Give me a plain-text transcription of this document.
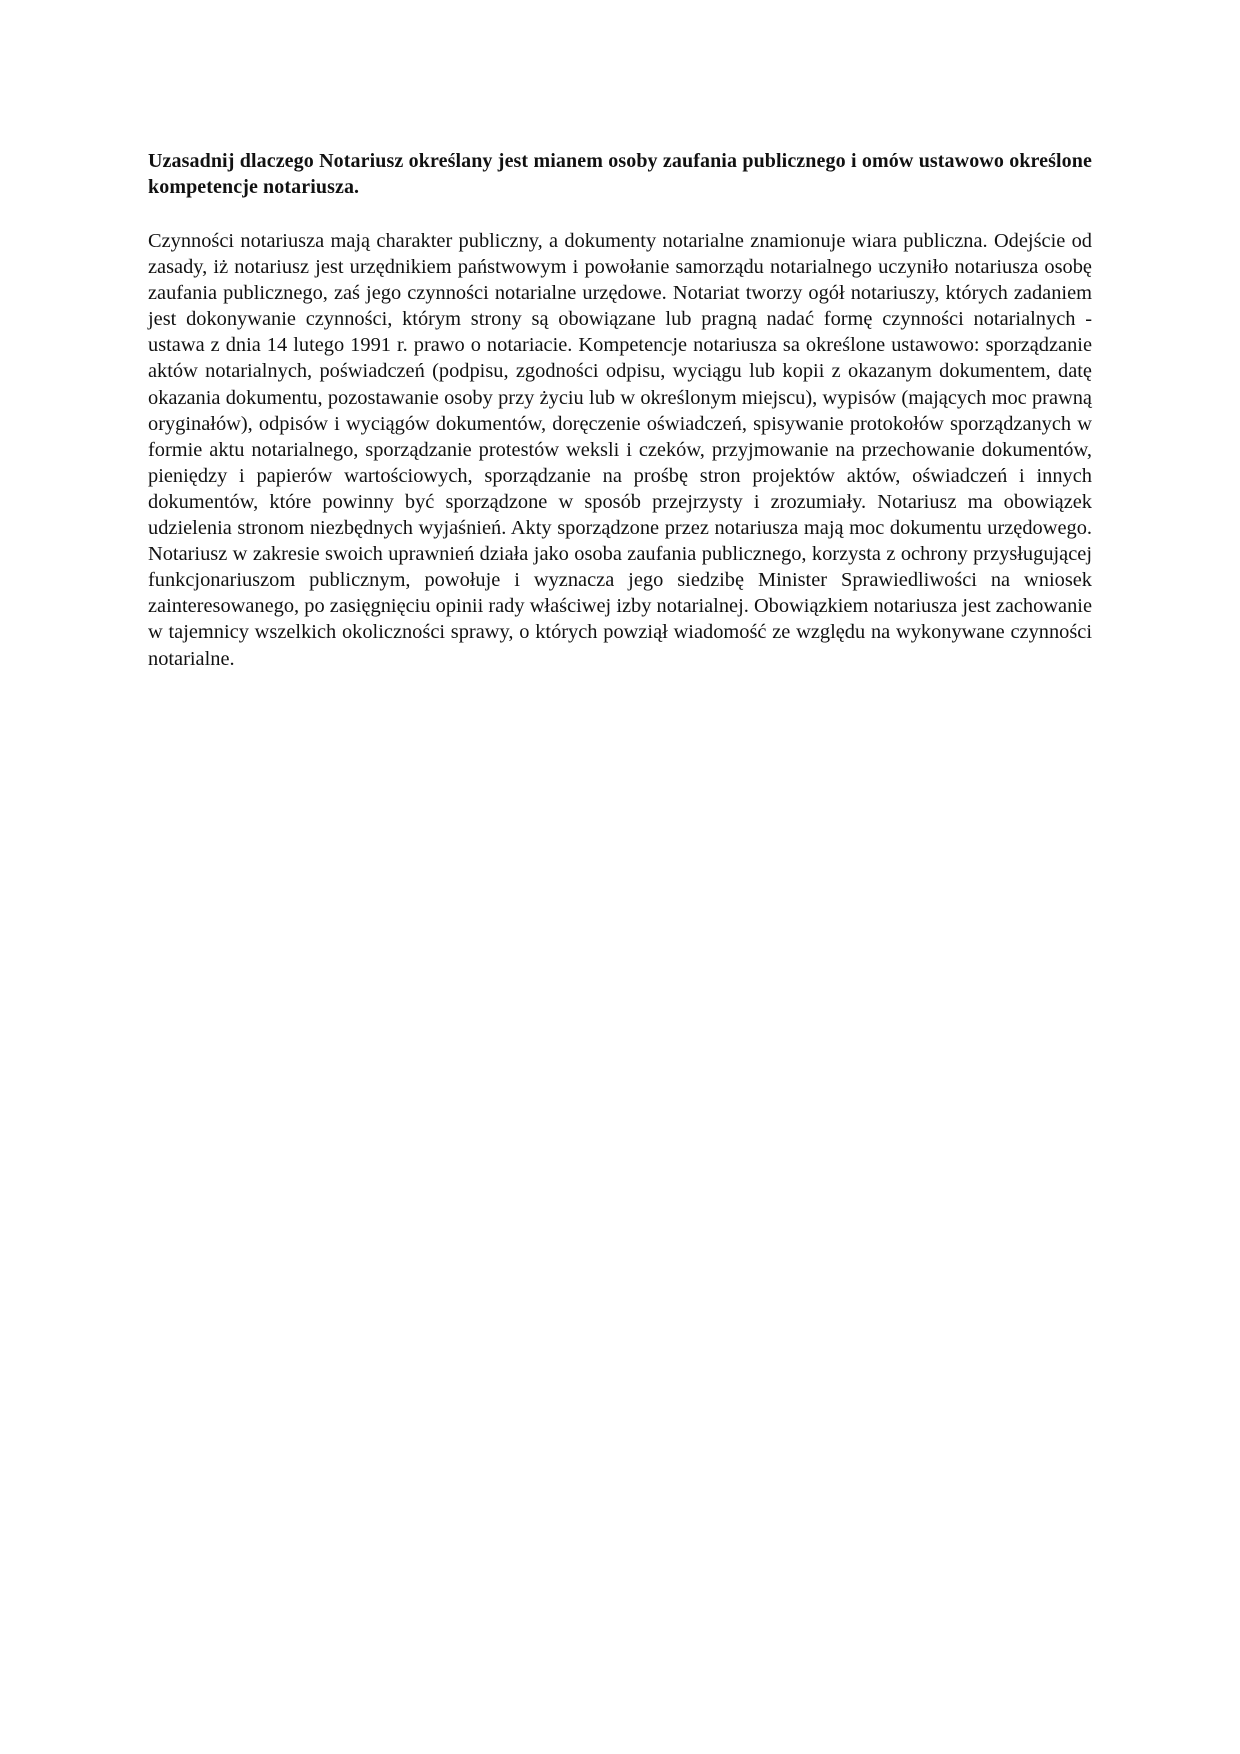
Uzasadnij dlaczego Notariusz określany jest mianem osoby zaufania publicznego i omów ustawowo określone kompetencje notariusza.

Czynności notariusza mają charakter publiczny, a dokumenty notarialne znamionuje wiara publiczna. Odejście od zasady, iż notariusz jest urzędnikiem państwowym i powołanie samorządu notarialnego uczyniło notariusza osobę zaufania publicznego, zaś jego czynności notarialne urzędowe. Notariat tworzy ogół notariuszy, których zadaniem jest dokonywanie czynności, którym strony są obowiązane lub pragną nadać formę czynności notarialnych - ustawa z dnia 14 lutego 1991 r. prawo o notariacie. Kompetencje notariusza sa określone ustawowo: sporządzanie aktów notarialnych, poświadczeń (podpisu, zgodności odpisu, wyciągu lub kopii z okazanym dokumentem, datę okazania dokumentu, pozostawanie osoby przy życiu lub w określonym miejscu), wypisów (mających moc prawną oryginałów), odpisów i wyciągów dokumentów, doręczenie oświadczeń, spisywanie protokołów sporządzanych w formie aktu notarialnego, sporządzanie protestów weksli i czeków, przyjmowanie na przechowanie dokumentów, pieniędzy i papierów wartościowych, sporządzanie na prośbę stron projektów aktów, oświadczeń i innych dokumentów, które powinny być sporządzone w sposób przejrzysty i zrozumiały. Notariusz ma obowiązek udzielenia stronom niezbędnych wyjaśnień. Akty sporządzone przez notariusza mają moc dokumentu urzędowego. Notariusz w zakresie swoich uprawnień działa jako osoba zaufania publicznego, korzysta z ochrony przysługującej funkcjonariuszom publicznym, powołuje i wyznacza jego siedzibę Minister Sprawiedliwości na wniosek zainteresowanego, po zasięgnięciu opinii rady właściwej izby notarialnej. Obowiązkiem notariusza jest zachowanie w tajemnicy wszelkich okoliczności sprawy, o których powziął wiadomość ze względu na wykonywane czynności notarialne.
